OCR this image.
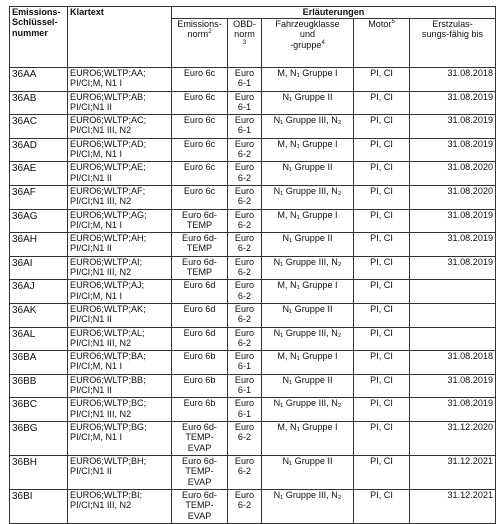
Emissions-
Schlüssel-
nummer	Klartext	Erläuterungen				
		Emissions-
norm$^2$	OBD-
norm
$^3$	Fahrzeugklasse
und
-gruppe$^4$	Motor$^5$	Erstzulas-
sungs-fähig bis
36AA	EURO6;WLTP;AA;
PI/CI;M, N1 I	Euro 6c	Euro
6-1	M, N₁ Gruppe I	PI, CI	31.08.2018
36AB	EURO6;WLTP;AB;
PI/CI;N1 II	Euro 6c	Euro
6-1	N₁ Gruppe II	PI, CI	31.08.2019
36AC	EURO6;WLTP;AC;
PI/CI;N1 III, N2	Euro 6c	Euro
6-1	N₁ Gruppe III, N₂	PI, CI	31.08.2019
36AD	EURO6;WLTP;AD;
PI/CI;M, N1 I	Euro 6c	Euro
6-2	M, N₁ Gruppe I	PI, CI	31.08.2019
36AE	EURO6;WLTP;AE;
PI/CI;N1 II	Euro 6c	Euro
6-2	N₁ Gruppe II	PI, CI	31.08.2020
36AF	EURO6;WLTP;AF;
PI/CI;N1 III, N2	Euro 6c	Euro
6-2	N₁ Gruppe III, N₂	PI, CI	31.08.2020
36AG	EURO6;WLTP;AG;
PI/CI;M, N1 I	Euro 6d-
TEMP	Euro
6-2	M, N₁ Gruppe I	PI, CI	31.08.2019
36AH	EURO6;WLTP;AH;
PI/CI;N1 II	Euro 6d-
TEMP	Euro
6-2	N₁ Gruppe II	PI, CI	31.08.2019
36AI	EURO6;WLTP;AI;
PI/CI;N1 III, N2	Euro 6d-
TEMP	Euro
6-2	N₁ Gruppe III, N₂	PI, CI	31.08.2019
36AJ	EURO6;WLTP;AJ;
PI/CI;M, N1 I	Euro 6d	Euro
6-2	M, N₁ Gruppe I	PI, CI	
36AK	EURO6;WLTP;AK;
PI/CI;N1 II	Euro 6d	Euro
6-2	N₁ Gruppe II	PI, CI	
36AL	EURO6;WLTP;AL;
PI/CI;N1 III, N2	Euro 6d	Euro
6-2	N₁ Gruppe III, N₂	PI, CI	
36BA	EURO6;WLTP;BA;
PI/CI;M, N1 I	Euro 6b	Euro
6-1	M, N₁ Gruppe I	PI, CI	31.08.2018
36BB	EURO6;WLTP;BB;
PI/CI;N1 II	Euro 6b	Euro
6-1	N₁ Gruppe II	PI, CI	31.08.2019
36BC	EURO6;WLTP;BC;
PI/CI;N1 III, N2	Euro 6b	Euro
6-1	N₁ Gruppe III, N₂	PI, CI	31.08.2019
36BG	EURO6;WLTP;BG;
PI/CI;M, N1 I	Euro 6d-
TEMP-
EVAP	Euro
6-2	M, N₁ Gruppe I	PI, CI	31.12.2020
36BH	EURO6;WLTP;BH;
PI/CI;N1 II	Euro 6d-
TEMP-
EVAP	Euro
6-2	N₁ Gruppe II	PI, CI	31.12.2021
36BI	EURO6;WLTP;BI;
PI/CI;N1 III, N2	Euro 6d-
TEMP-
EVAP	Euro
6-2	N₁ Gruppe III, N₂	PI, CI	31.12.2021
